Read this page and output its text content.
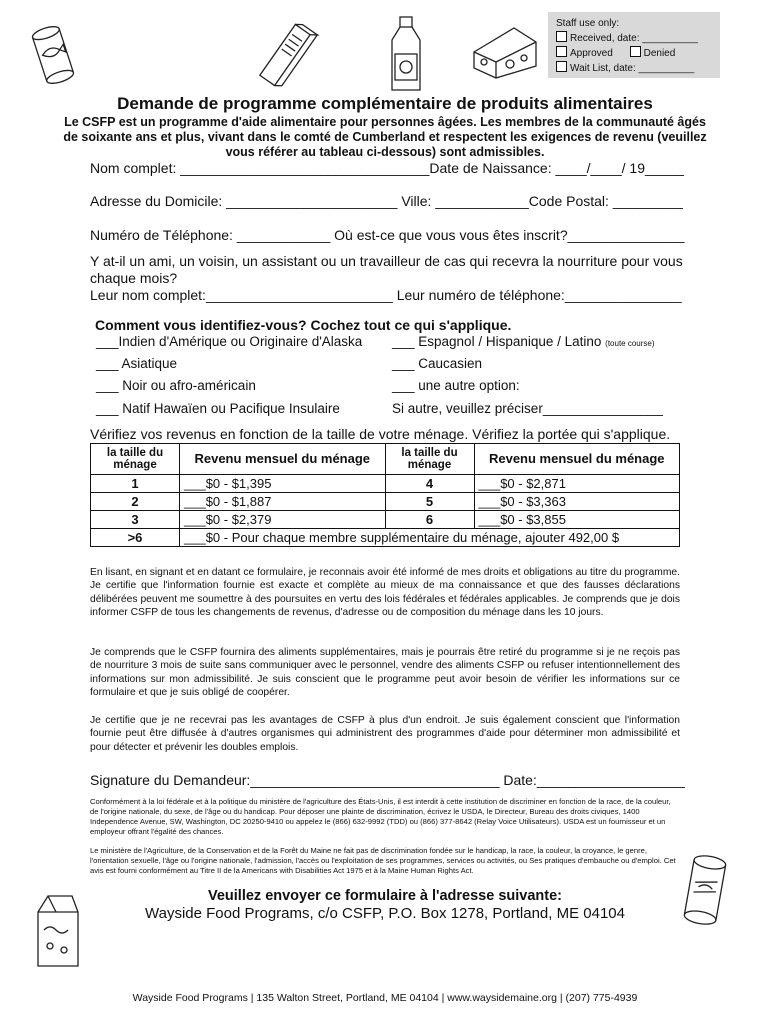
Staff use only:
Received, date: __________
Approved	Denied
Wait List, date: __________
Demande de programme complémentaire de produits alimentaires
Le CSFP est un programme d'aide alimentaire pour personnes âgées. Les membres de la communauté âgés de soixante ans et plus, vivant dans le comté de Cumberland et respectent les exigences de revenu (veuillez vous référer au tableau ci-dessous) sont admissibles.
Nom complet: ________________________________Date de Naissance: ____/____/ 19_____
Adresse du Domicile: ______________________ Ville: ____________Code Postal: _________
Numéro de Téléphone: ____________ Où est-ce que vous vous êtes inscrit?_______________
Y at-il un ami, un voisin, un assistant ou un travailleur de cas qui recevra la nourriture pour vous
chaque mois?
Leur nom complet:________________________ Leur numéro de téléphone:_______________
Comment vous identifiez-vous? Cochez tout ce qui s'applique.
___Indien d'Amérique ou Originaire d'Alaska
___ Asiatique
___ Noir ou afro-américain
___ Natif Hawaïen ou Pacifique Insulaire
___ Espagnol / Hispanique / Latino (toute course)
___ Caucasien
___ une autre option:
Si autre, veuillez préciser________________
Vérifiez vos revenus en fonction de la taille de votre ménage. Vérifiez la portée qui s'applique.
la taille du ménage	Revenu mensuel du ménage	la taille du ménage	Revenu mensuel du ménage
1	___$0 - $1,395	4	___$0 - $2,871
2	___$0 - $1,887	5	___$0 - $3,363
3	___$0 - $2,379	6	___$0 - $3,855
>6	___$0 - Pour chaque membre supplémentaire du ménage, ajouter 492,00 $		
En lisant, en signant et en datant ce formulaire, je reconnais avoir été informé de mes droits et obligations au titre du programme. Je certifie que l'information fournie est exacte et complète au mieux de ma connaissance et que des fausses déclarations délibérées peuvent me soumettre à des poursuites en vertu des lois fédérales et fédérales applicables. Je comprends que je dois informer CSFP de tous les changements de revenus, d'adresse ou de composition du ménage dans les 10 jours.
Je comprends que le CSFP fournira des aliments supplémentaires, mais je pourrais être retiré du programme si je ne reçois pas de nourriture 3 mois de suite sans communiquer avec le personnel, vendre des aliments CSFP ou refuser intentionnellement des informations sur mon admissibilité. Je suis conscient que le programme peut avoir besoin de vérifier les informations sur ce formulaire et que je suis obligé de coopérer.
Je certifie que je ne recevrai pas les avantages de CSFP à plus d'un endroit. Je suis également conscient que l'information fournie peut être diffusée à d'autres organismes qui administrent des programmes d'aide pour déterminer mon admissibilité et pour détecter et prévenir les doubles emplois.
Signature du Demandeur:________________________________ Date:___________________
Conformément à la loi fédérale et à la politique du ministère de l'agriculture des États-Unis, il est interdit à cette institution de discriminer en fonction de la race, de la couleur, de l'origine nationale, du sexe, de l'âge ou du handicap. Pour déposer une plainte de discrimination, écrivez le USDA, le Directeur, Bureau des droits civiques, 1400 Independence Avenue, SW, Washington, DC 20250-9410 ou appelez le (866) 632-9992 (TDD) ou (866) 377-8642 (Relay Voice Utilisateurs). USDA est un fournisseur et un employeur offrant l'égalité des chances.
Le ministère de l'Agriculture, de la Conservation et de la Forêt du Maine ne fait pas de discrimination fondée sur le handicap, la race, la couleur, la croyance, le genre, l'orientation sexuelle, l'âge ou l'origine nationale, l'admission, l'accès ou l'exploitation de ses programmes, services ou activités, ou Ses pratiques d'embauche ou d'emploi. Cet avis est fourni conformément au Titre II de la Americans with Disabilities Act 1975 et à la Maine Human Rights Act.
Veuillez envoyer ce formulaire à l'adresse suivante:
Wayside Food Programs, c/o CSFP, P.O. Box 1278, Portland, ME 04104
Wayside Food Programs | 135 Walton Street, Portland, ME 04104 | www.waysidemaine.org | (207) 775-4939
